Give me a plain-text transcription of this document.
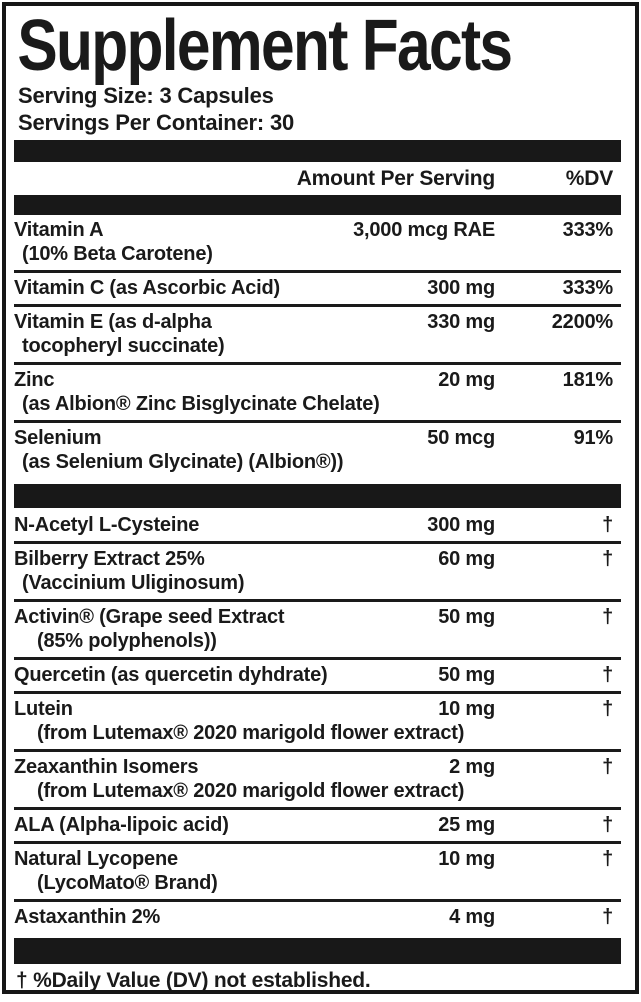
Supplement Facts
Serving Size: 3 Capsules
Servings Per Container: 30
Amount Per Serving	%DV
Vitamin A	3,000 mcg RAE	333%
(10% Beta Carotene)
Vitamin C (as Ascorbic Acid)	300 mg	333%
Vitamin E (as d-alpha	330 mg	2200%
tocopheryl succinate)
Zinc	20 mg	181%
(as Albion® Zinc Bisglycinate Chelate)
Selenium	50 mcg	91%
(as Selenium Glycinate) (Albion®))
N-Acetyl L-Cysteine	300 mg	†
Bilberry Extract 25%	60 mg	†
(Vaccinium Uliginosum)
Activin® (Grape seed Extract	50 mg	†
(85% polyphenols))
Quercetin (as quercetin dyhdrate)	50 mg	†
Lutein	10 mg	†
(from Lutemax® 2020 marigold flower extract)
Zeaxanthin Isomers	2 mg	†
(from Lutemax® 2020 marigold flower extract)
ALA (Alpha-lipoic acid)	25 mg	†
Natural Lycopene	10 mg	†
(LycoMato® Brand)
Astaxanthin 2%	4 mg	†
† %Daily Value (DV) not established.
